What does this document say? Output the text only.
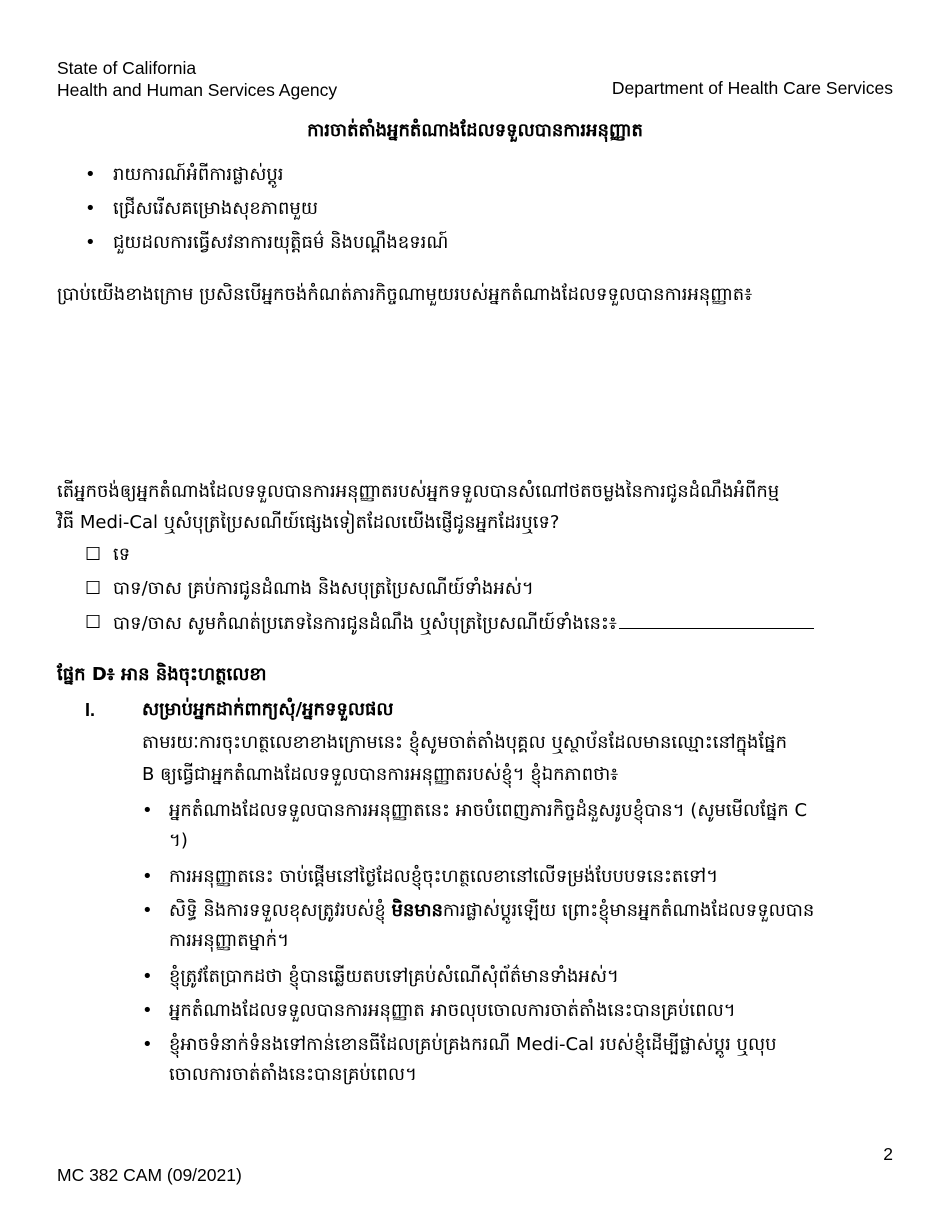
State of California
Health and Human Services Agency	Department of Health Care Services
ការចាត់តាំងអ្នកតំណាងដែលទទួលបានការអនុញ្ញាត
• រាយការណ៍អំពីការផ្លាស់ប្តូរ
• ជ្រើសរើសគម្រោងសុខភាពមួយ
• ជួយដលការធ្វើសវនាការយុត្តិធម៌ និងបណ្តឹងឧទរណ៍
ប្រាប់យើងខាងក្រោម ប្រសិនបើអ្នកចង់កំណត់ភារកិច្ចណាមួយរបស់អ្នកតំណាងដែលទទួលបានការអនុញ្ញាត៖
តើអ្នកចង់ឲ្យអ្នកតំណាងដែលទទួលបានការអនុញ្ញាតរបស់អ្នកទទួលបានសំណៅថតចម្លងនៃការជូនដំណឹងអំពីកម្ម
វិធី Medi-Cal ឬសំបុត្រប្រៃសណីយ៍ផ្សេងទៀតដែលយើងផ្ញើជូនអ្នកដែរឬទេ?
☐ ទេ
☐ បាទ/ចាស គ្រប់ការជូនដំណាង និងសបុត្រប្រៃសណីយ៍ទាំងអស់។
☐ បាទ/ចាស សូមកំណត់ប្រភេទនៃការជូនដំណឹង ឬសំបុត្រប្រៃសណីយ៍ទាំងនេះ៖
ផ្នែក D៖ អាន និងចុះហត្ថលេខា
I.	សម្រាប់អ្នកដាក់ពាក្យសុំ/អ្នកទទួលផល
តាមរយៈការចុះហត្ថលេខាខាងក្រោមនេះ ខ្ញុំសូមចាត់តាំងបុគ្គល ឬស្ថាប័នដែលមានឈ្មោះនៅក្នុងផ្នែក
B ឲ្យធ្វើជាអ្នកតំណាងដែលទទួលបានការអនុញ្ញាតរបស់ខ្ញុំ។ ខ្ញុំឯកភាពថា៖
• អ្នកតំណាងដែលទទួលបានការអនុញ្ញាតនេះ អាចបំពេញភារកិច្ចដំនួសរូបខ្ញុំបាន។ (សូមមើលផ្នែក C
។)
• ការអនុញ្ញាតនេះ ចាប់ផ្តើមនៅថ្ងៃដែលខ្ញុំចុះហត្ថលេខានៅលើទម្រង់បែបបទនេះតទៅ។
• សិទ្ធិ និងការទទួលខុសត្រូវរបស់ខ្ញុំ មិនមានការផ្លាស់ប្តូរឡើយ ព្រោះខ្ញុំមានអ្នកតំណាងដែលទទួលបាន
ការអនុញ្ញាតម្នាក់។
• ខ្ញុំត្រូវតែប្រាកដថា ខ្ញុំបានឆ្លើយតបទៅគ្រប់សំណើសុំព័ត៌មានទាំងអស់។
• អ្នកតំណាងដែលទទួលបានការអនុញ្ញាត អាចលុបចោលការចាត់តាំងនេះបានគ្រប់ពេល។
• ខ្ញុំអាចទំនាក់ទំនងទៅកាន់ខោនធីដែលគ្រប់គ្រងករណី Medi-Cal របស់ខ្ញុំដើម្បីផ្លាស់ប្តូរ ឬលុប
ចោលការចាត់តាំងនេះបានគ្រប់ពេល។
2
MC 382 CAM (09/2021)
